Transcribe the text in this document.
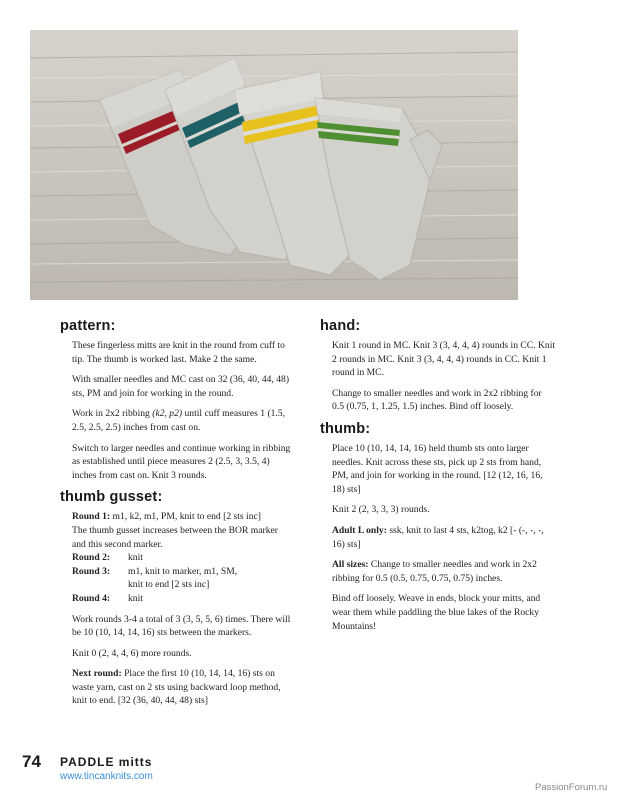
pattern:

These fingerless mitts are knit in the round from cuff to tip. The thumb is worked last. Make 2 the same.

With smaller needles and MC cast on 32 (36, 40, 44, 48) sts, PM and join for working in the round.

Work in 2x2 ribbing (k2, p2) until cuff measures 1 (1.5, 2.5, 2.5, 2.5) inches from cast on.

Switch to larger needles and continue working in ribbing as established until piece measures 2 (2.5, 3, 3.5, 4) inches from cast on. Knit 3 rounds.

thumb gusset:

Round 1: m1, k2, m1, PM, knit to end [2 sts inc]

The thumb gusset increases between the BOR marker and this second marker.

Round 2:	knit
Round 3:	m1, knit to marker, m1, SM,
knit to end [2 sts inc]
Round 4:	knit

Work rounds 3-4 a total of 3 (3, 5, 5, 6) times. There will be 10 (10, 14, 14, 16) sts between the markers.

Knit 0 (2, 4, 4, 6) more rounds.

Next round: Place the first 10 (10, 14, 14, 16) sts on waste yarn, cast on 2 sts using backward loop method, knit to end. [32 (36, 40, 44, 48) sts]

hand:

Knit 1 round in MC. Knit 3 (3, 4, 4, 4) rounds in CC. Knit 2 rounds in MC. Knit 3 (3, 4, 4, 4) rounds in CC. Knit 1 round in MC.

Change to smaller needles and work in 2x2 ribbing for 0.5 (0.75, 1, 1.25, 1.5) inches. Bind off loosely.

thumb:

Place 10 (10, 14, 14, 16) held thumb sts onto larger needles. Knit across these sts, pick up 2 sts from hand, PM, and join for working in the round. [12 (12, 16, 16, 18) sts]

Knit 2 (2, 3, 3, 3) rounds.

Adult L only: ssk, knit to last 4 sts, k2tog, k2 [- (-, -, -, 16) sts]

All sizes: Change to smaller needles and work in 2x2 ribbing for 0.5 (0.5, 0.75, 0.75, 0.75) inches.

Bind off loosely. Weave in ends, block your mitts, and wear them while paddling the blue lakes of the Rocky Mountains!

74 PADDLE mitts
www.tincanknits.com
PassionForum.ru
